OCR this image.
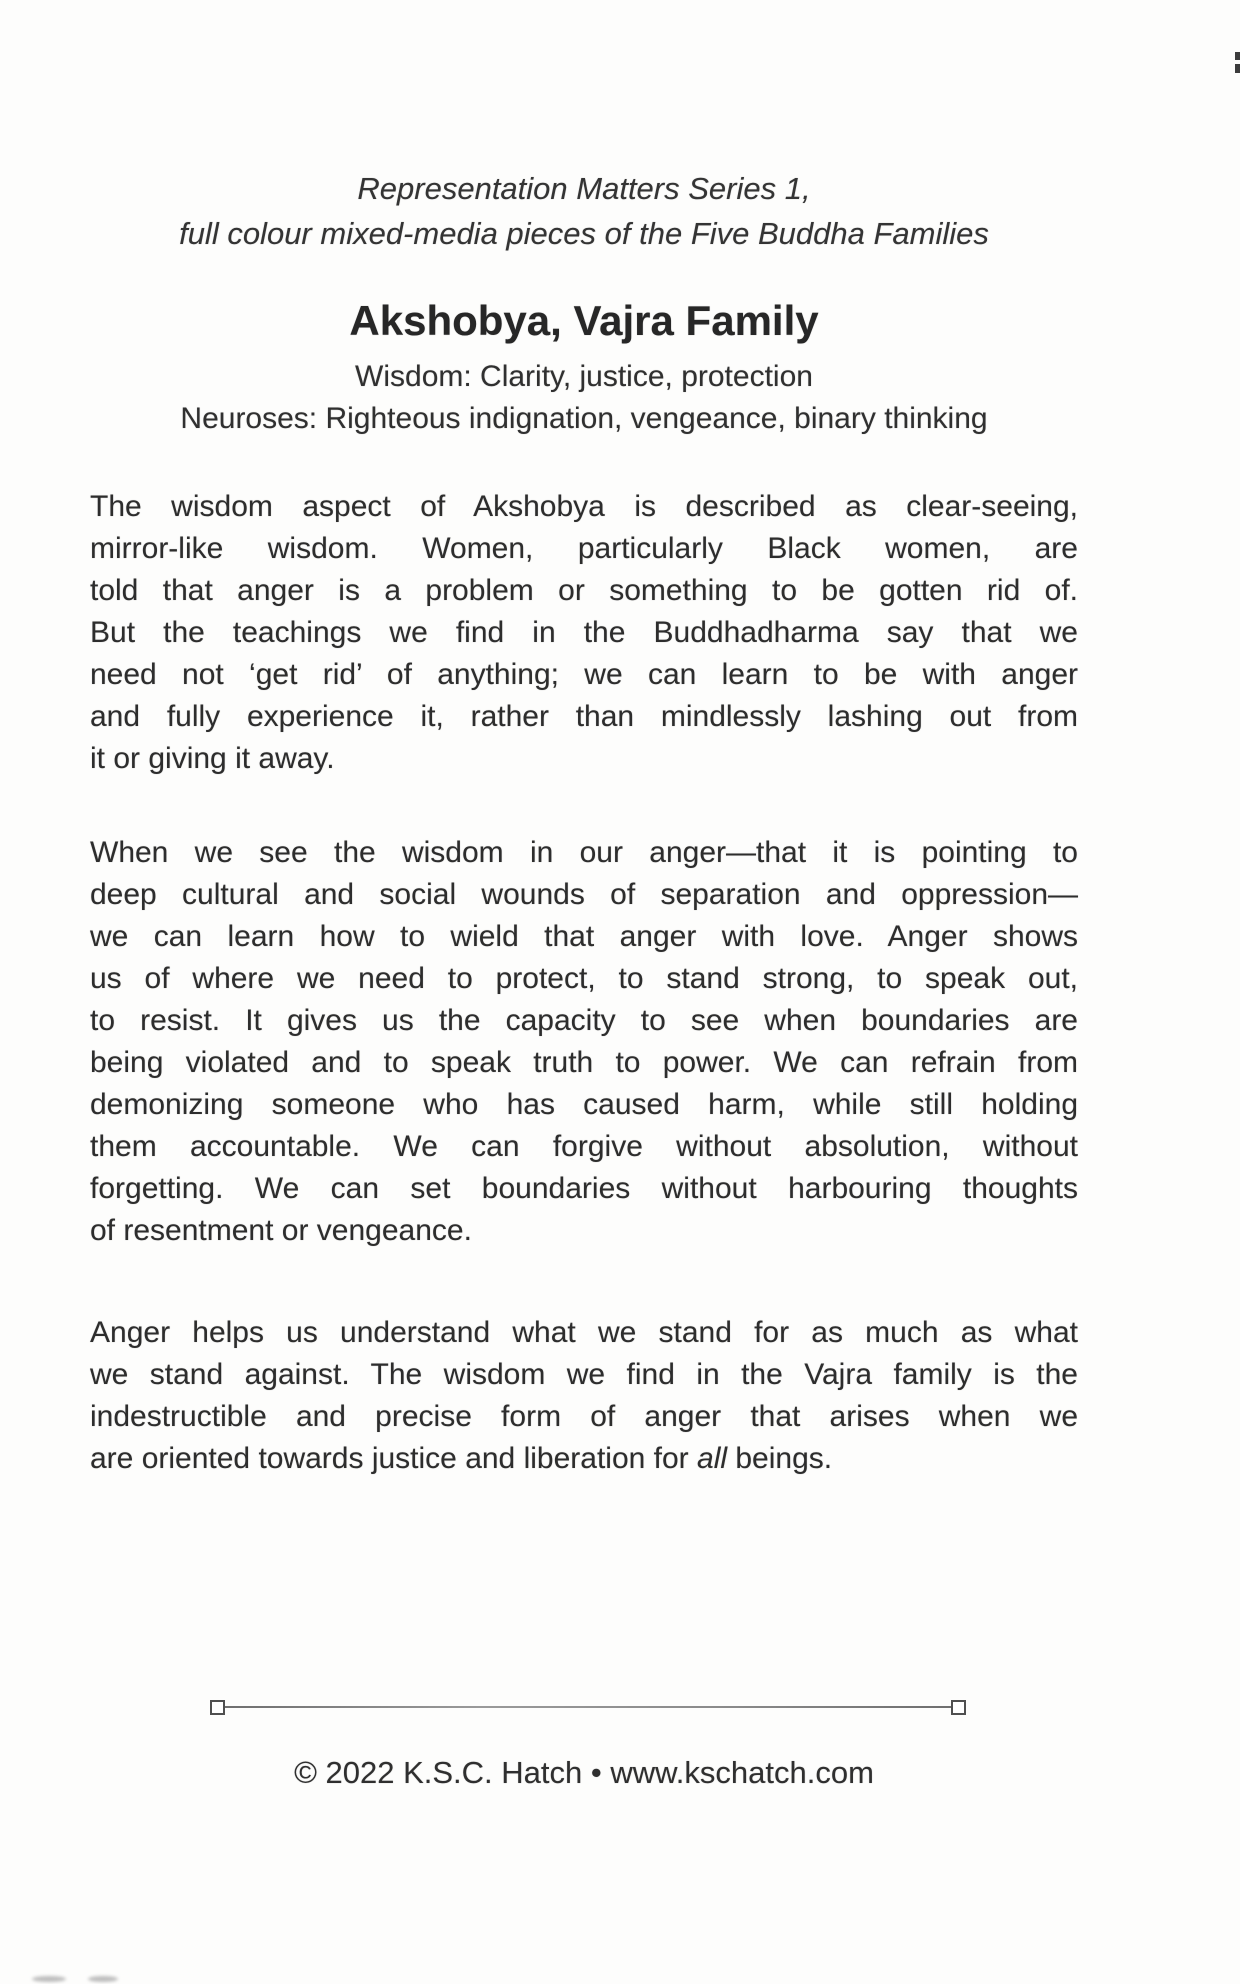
Representation Matters Series 1,
full colour mixed-media pieces of the Five Buddha Families
Akshobya, Vajra Family
Wisdom: Clarity, justice, protection
Neuroses: Righteous indignation, vengeance, binary thinking
The wisdom aspect of Akshobya is described as clear-seeing,
mirror-like wisdom. Women, particularly Black women, are
told that anger is a problem or something to be gotten rid of.
But the teachings we find in the Buddhadharma say that we
need not ‘get rid’ of anything; we can learn to be with anger
and fully experience it, rather than mindlessly lashing out from
it or giving it away.
When we see the wisdom in our anger—that it is pointing to
deep cultural and social wounds of separation and oppression—
we can learn how to wield that anger with love. Anger shows
us of where we need to protect, to stand strong, to speak out,
to resist. It gives us the capacity to see when boundaries are
being violated and to speak truth to power. We can refrain from
demonizing someone who has caused harm, while still holding
them accountable. We can forgive without absolution, without
forgetting. We can set boundaries without harbouring thoughts
of resentment or vengeance.
Anger helps us understand what we stand for as much as what
we stand against. The wisdom we find in the Vajra family is the
indestructible and precise form of anger that arises when we
are oriented towards justice and liberation for all beings.
© 2022 K.S.C. Hatch • www.kschatch.com
